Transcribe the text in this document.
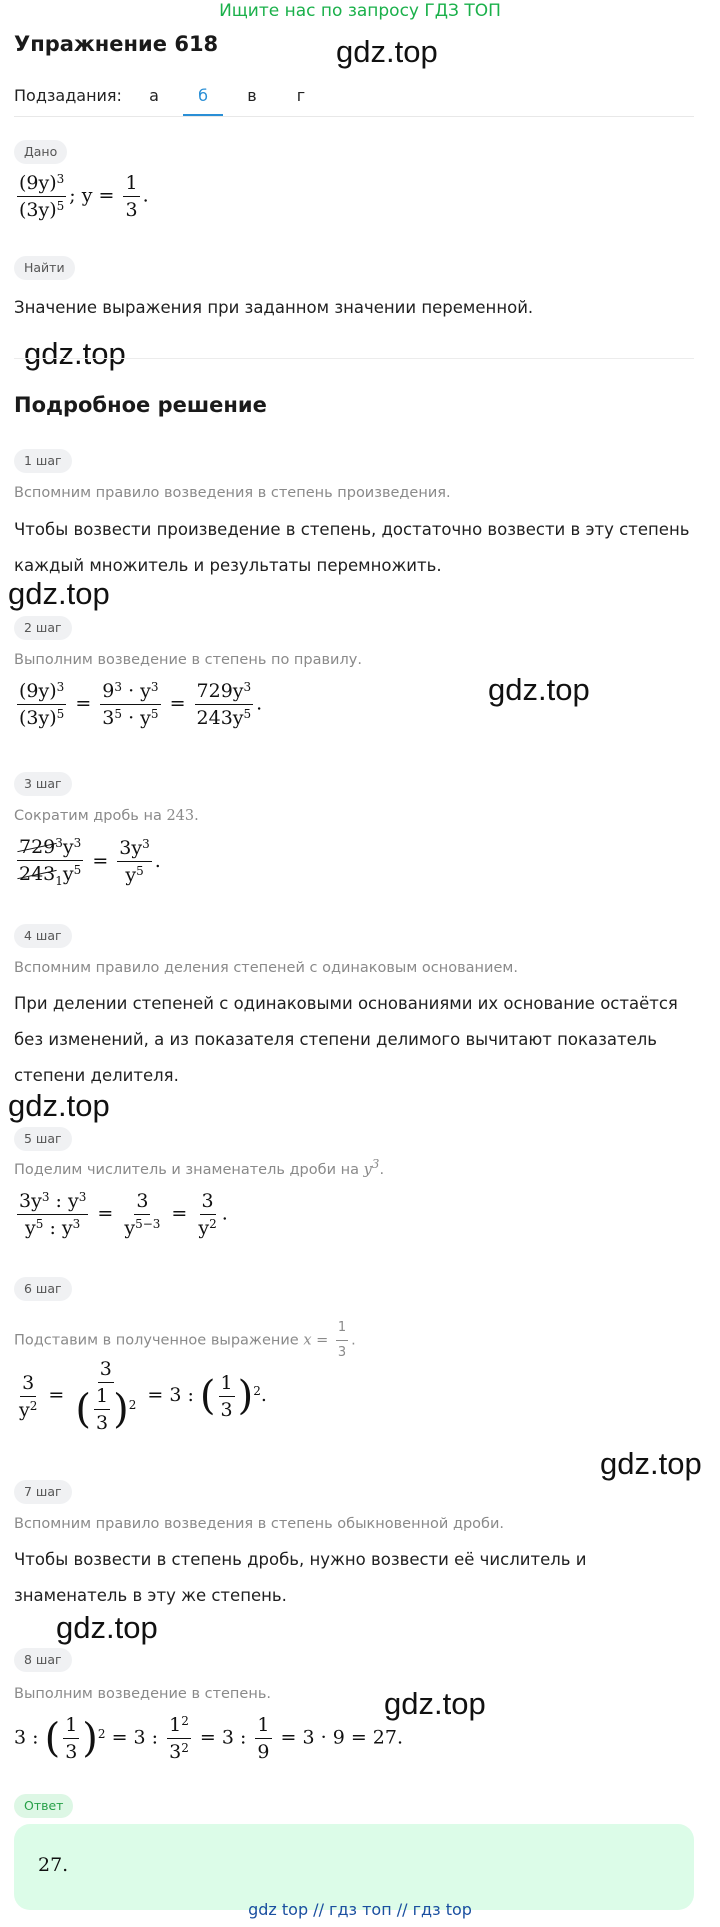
Ищите нас по запросу ГДЗ ТОП
Упражнение 618	gdz.top
Подзадания:	а	б	в	г
Дано
$\frac{(9y)^3}{(3y)^5}$ ; $y = \frac{1}{3}$ .
Найти
Значение выражения при заданном значении переменной.
gdz.top
Подробное решение
1 шаг
Вспомним правило возведения в степень произведения.
Чтобы возвести произведение в степень, достаточно возвести в эту степень каждый множитель и результаты перемножить.
gdz.top
2 шаг
Выполним возведение в степень по правилу.
$\frac{(9y)^3}{(3y)^5} = \frac{9^3 \cdot y^3}{3^5 \cdot y^5} = \frac{729y^3}{243y^5}$ .	gdz.top
3 шаг
Сократим дробь на 243.
$\frac{729^3y^3}{243_1y^5} = \frac{3y^3}{y^5}$ .
4 шаг
Вспомним правило деления степеней с одинаковым основанием.
При делении степеней с одинаковыми основаниями их основание остаётся без изменений, а из показателя степени делимого вычитают показатель степени делителя.
gdz.top
5 шаг
Поделим числитель и знаменатель дроби на $y^3$.
$\frac{3y^3 : y^3}{y^5 : y^3} = \frac{3}{y^{5-3}} = \frac{3}{y^2}$ .
6 шаг
Подставим в полученное выражение $x = \frac{1}{3}$ .
$\frac{3}{y^2} = \frac{3}{( \frac{1}{3} )^2} = 3$ : ( $\frac{1}{3} )^2$.
gdz.top
7 шаг
Вспомним правило возведения в степень обыкновенной дроби.
Чтобы возвести в степень дробь, нужно возвести её числитель и знаменатель в эту же степень.
gdz.top
8 шаг
Выполним возведение в степень.	gdz.top
3 : ( $\frac{1}{3} )^2 = 3$ : $\frac{1^2}{3^2} = 3$ : $\frac{1}{9} = 3 \cdot 9 = 27$.
Ответ
27.
gdz top // гдз топ // гдз top
